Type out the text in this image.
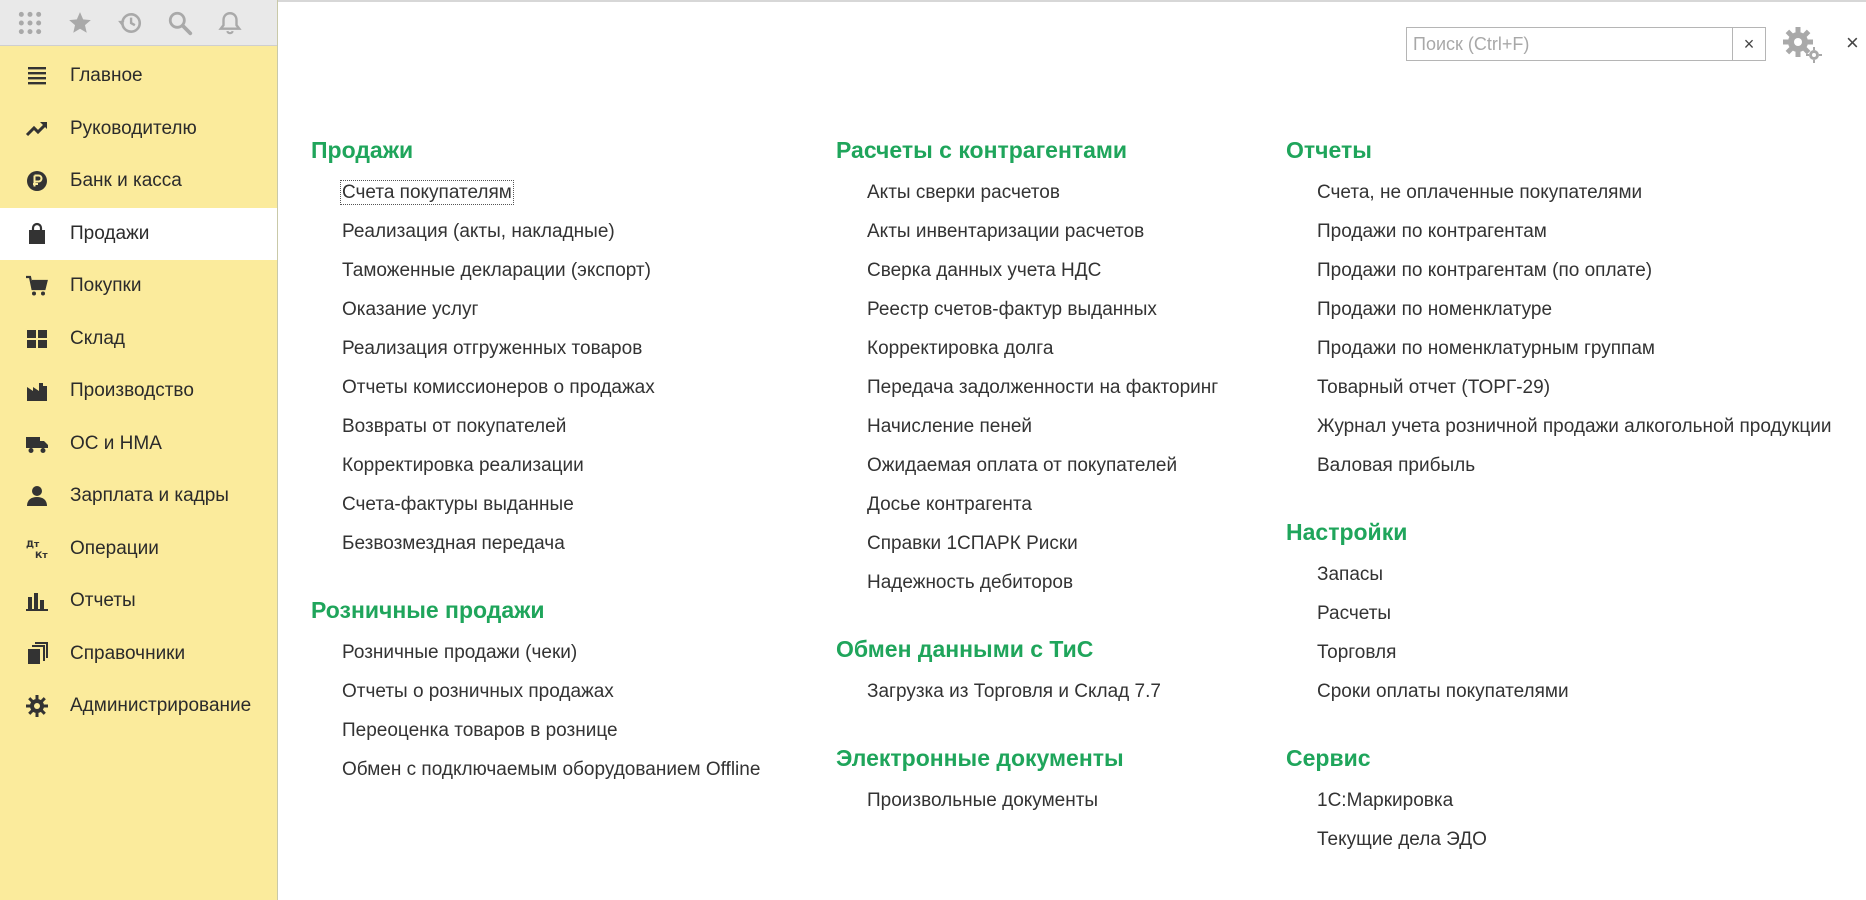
Главное
Руководителю
Банк и касса
Продажи
Покупки
Склад
Производство
ОС и НМА
Зарплата и кадры
Дт
Кт Операции
Отчеты
Справочники
Администрирование
Поиск (Ctrl+F)
×	×
Продажи
Счета покупателям
Реализация (акты, накладные)
Таможенные декларации (экспорт)
Оказание услуг
Реализация отгруженных товаров
Отчеты комиссионеров о продажах
Возвраты от покупателей
Корректировка реализации
Счета-фактуры выданные
Безвозмездная передача
Розничные продажи
Розничные продажи (чеки)
Отчеты о розничных продажах
Переоценка товаров в рознице
Обмен с подключаемым оборудованием Offline
Расчеты с контрагентами
Акты сверки расчетов
Акты инвентаризации расчетов
Сверка данных учета НДС
Реестр счетов-фактур выданных
Корректировка долга
Передача задолженности на факторинг
Начисление пеней
Ожидаемая оплата от покупателей
Досье контрагента
Справки 1СПАРК Риски
Надежность дебиторов
Обмен данными с ТиС
Загрузка из Торговля и Склад 7.7
Электронные документы
Произвольные документы
Отчеты
Счета, не оплаченные покупателями
Продажи по контрагентам
Продажи по контрагентам (по оплате)
Продажи по номенклатуре
Продажи по номенклатурным группам
Товарный отчет (ТОРГ-29)
Журнал учета розничной продажи алкогольной продукции
Валовая прибыль
Настройки
Запасы
Расчеты
Торговля
Сроки оплаты покупателями
Сервис
1С:Маркировка
Текущие дела ЭДО
